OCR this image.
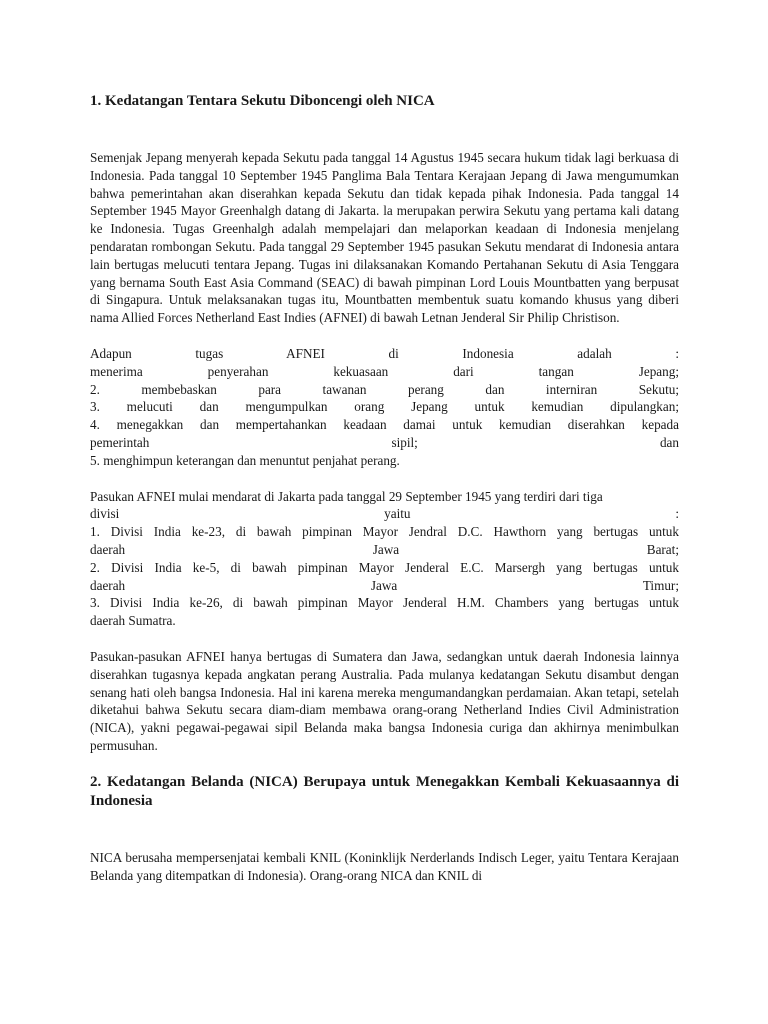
1. Kedatangan Tentara Sekutu Diboncengi oleh NICA

Semenjak Jepang menyerah kepada Sekutu pada tanggal 14 Agustus 1945 secara hukum tidak lagi berkuasa di Indonesia. Pada tanggal 10 September 1945 Panglima Bala Tentara Kerajaan Jepang di Jawa mengumumkan bahwa pemerintahan akan diserahkan kepada Sekutu dan tidak kepada pihak Indonesia. Pada tanggal 14 September 1945 Mayor Greenhalgh datang di Jakarta. la merupakan perwira Sekutu yang pertama kali datang ke Indonesia. Tugas Greenhalgh adalah mempelajari dan melaporkan keadaan di Indonesia menjelang pendaratan rombongan Sekutu. Pada tanggal 29 September 1945 pasukan Sekutu mendarat di Indonesia antara lain bertugas melucuti tentara Jepang. Tugas ini dilaksanakan Komando Pertahanan Sekutu di Asia Tenggara yang bernama South East Asia Command (SEAC) di bawah pimpinan Lord Louis Mountbatten yang berpusat di Singapura. Untuk melaksanakan tugas itu, Mountbatten membentuk suatu komando khusus yang diberi nama Allied Forces Netherland East Indies (AFNEI) di bawah Letnan Jenderal Sir Philip Christison.

Adapun tugas AFNEI di Indonesia adalah :
menerima penyerahan kekuasaan dari tangan Jepang;
2. membebaskan para tawanan perang dan interniran Sekutu;
3. melucuti dan mengumpulkan orang Jepang untuk kemudian dipulangkan;
4. menegakkan dan mempertahankan keadaan damai untuk kemudian diserahkan kepada
pemerintah sipil; dan
5. menghimpun keterangan dan menuntut penjahat perang.
Pasukan AFNEI mulai mendarat di Jakarta pada tanggal 29 September 1945 yang terdiri dari tiga
divisi yaitu :
1. Divisi India ke-23, di bawah pimpinan Mayor Jendral D.C. Hawthorn yang bertugas untuk
daerah Jawa Barat;
2. Divisi India ke-5, di bawah pimpinan Mayor Jenderal E.C. Marsergh yang bertugas untuk
daerah Jawa Timur;
3. Divisi India ke-26, di bawah pimpinan Mayor Jenderal H.M. Chambers yang bertugas untuk
daerah Sumatra.

Pasukan-pasukan AFNEI hanya bertugas di Sumatera dan Jawa, sedangkan untuk daerah Indonesia lainnya diserahkan tugasnya kepada angkatan perang Australia. Pada mulanya kedatangan Sekutu disambut dengan senang hati oleh bangsa Indonesia. Hal ini karena mereka mengumandangkan perdamaian. Akan tetapi, setelah diketahui bahwa Sekutu secara diam-diam membawa orang-orang Netherland Indies Civil Administration (NICA), yakni pegawai-pegawai sipil Belanda maka bangsa Indonesia curiga dan akhirnya menimbulkan permusuhan.

2. Kedatangan Belanda (NICA) Berupaya untuk Menegakkan Kembali Kekuasaannya di Indonesia

NICA berusaha mempersenjatai kembali KNIL (Koninklijk Nerderlands Indisch Leger, yaitu Tentara Kerajaan Belanda yang ditempatkan di Indonesia). Orang-orang NICA dan KNIL di
